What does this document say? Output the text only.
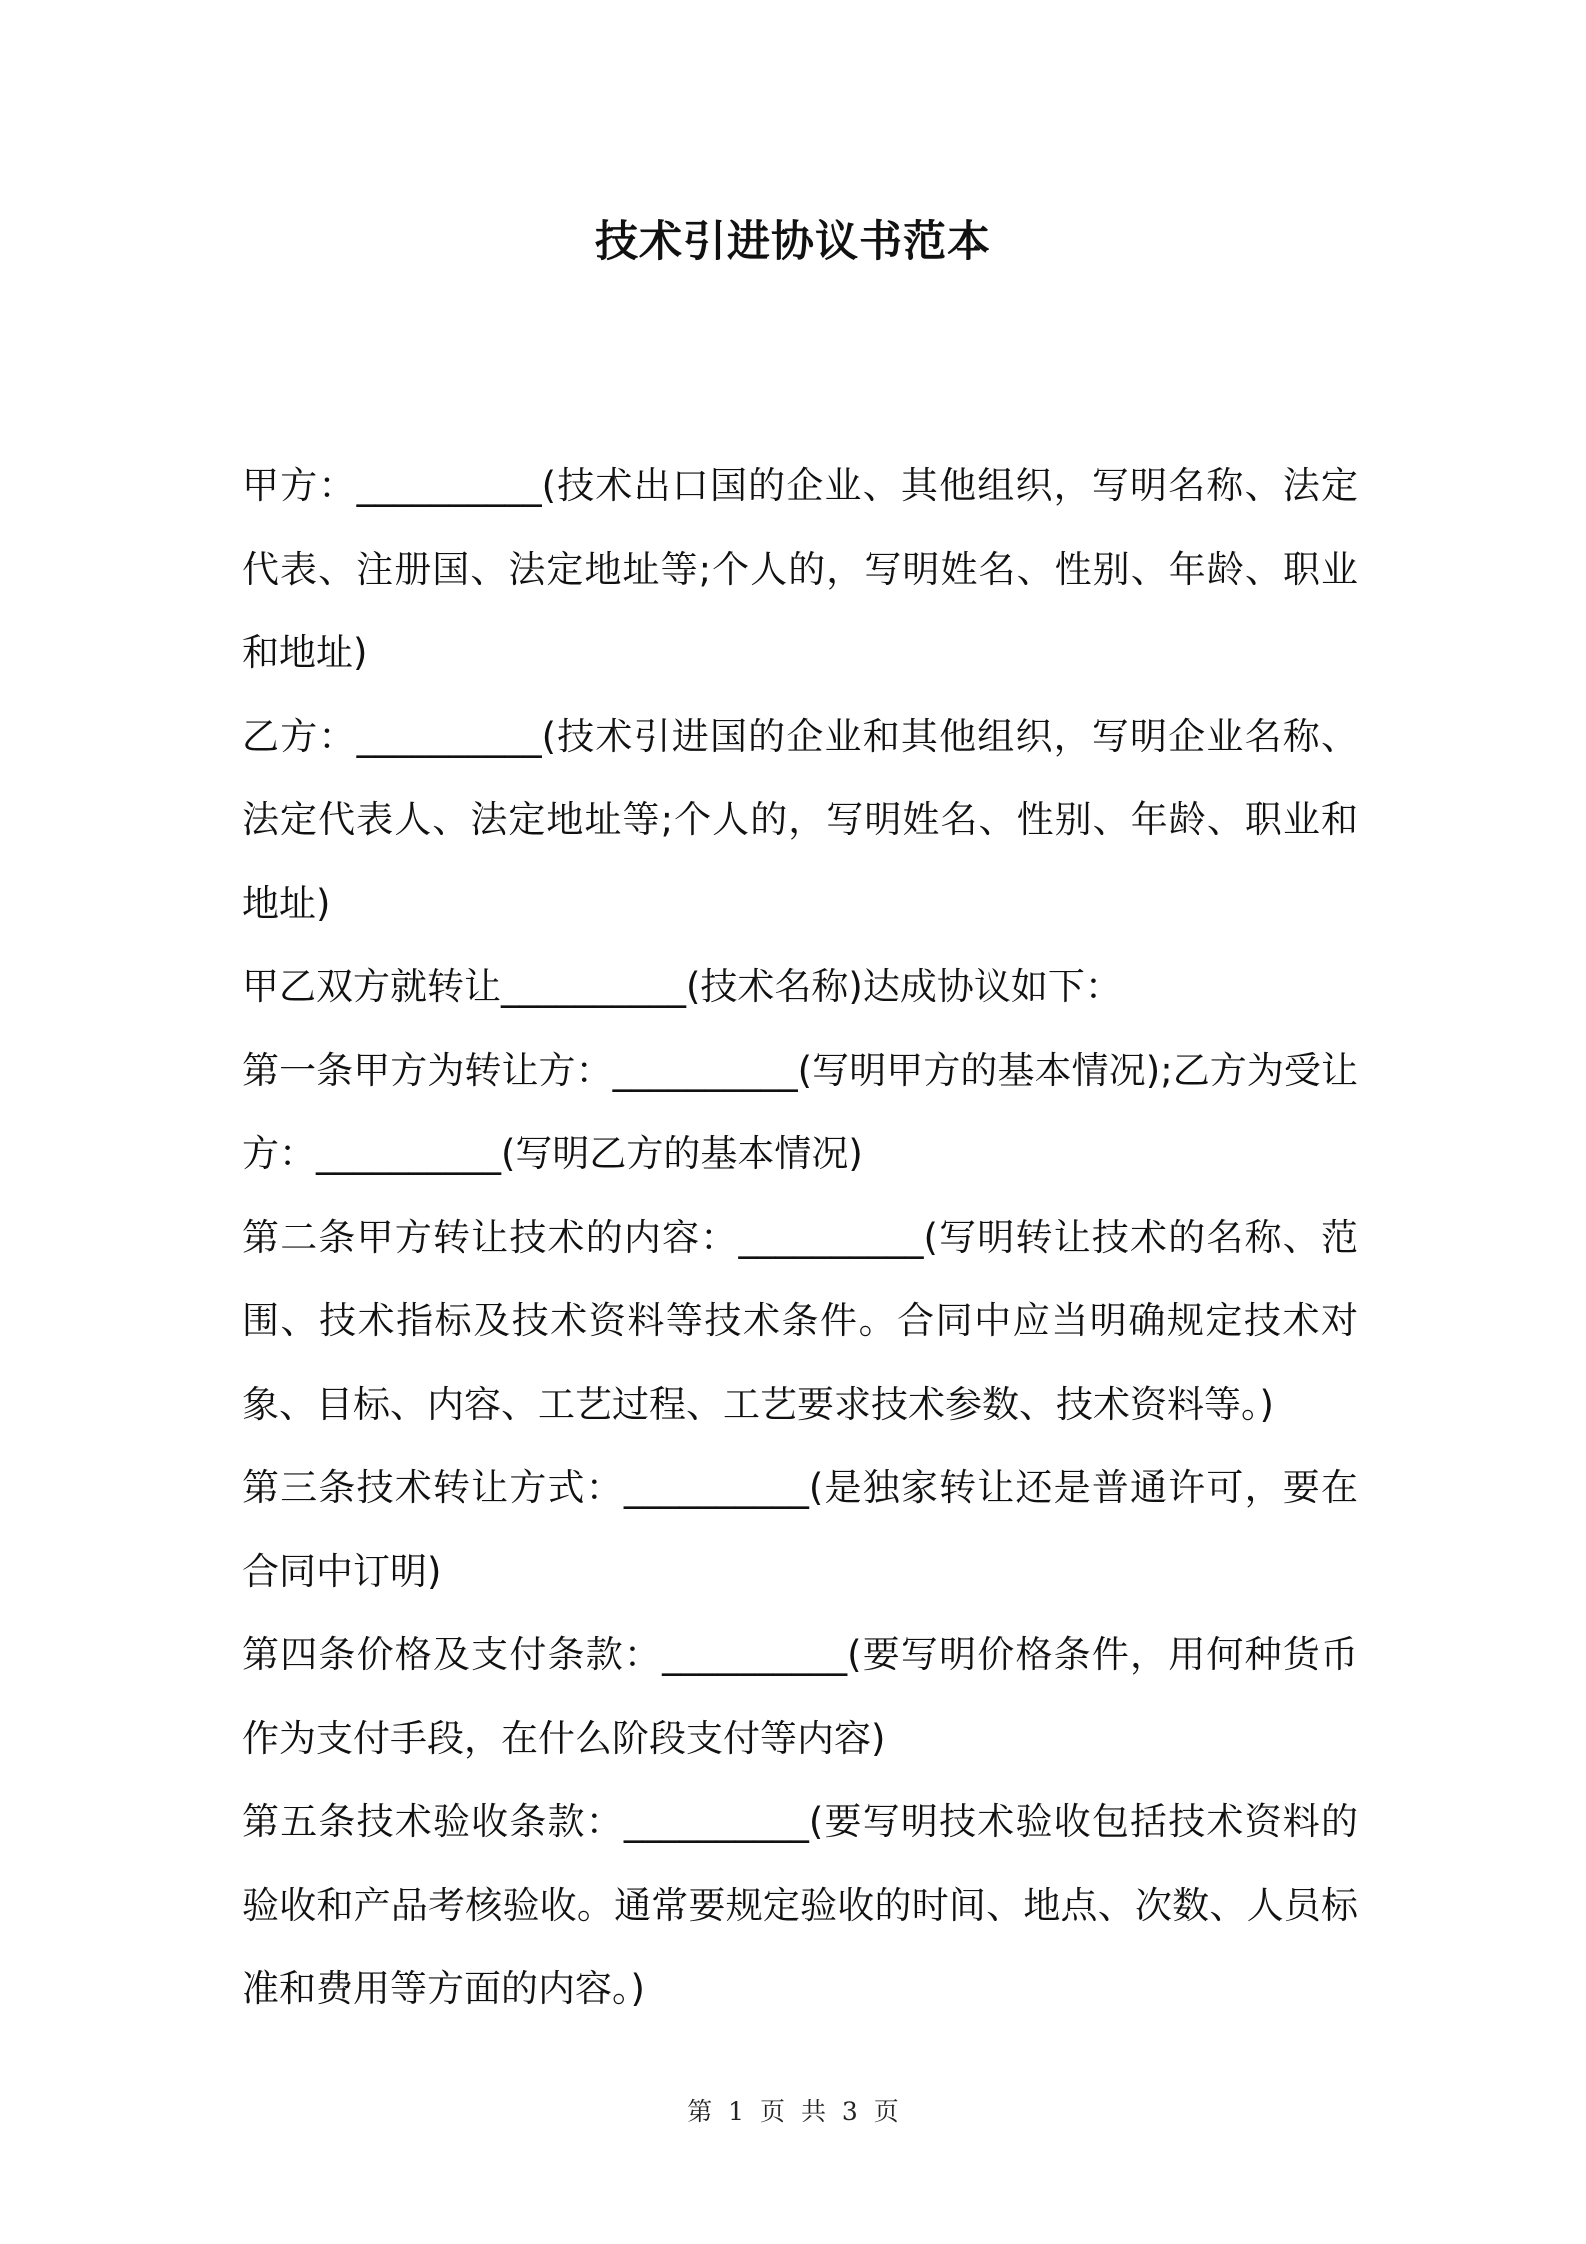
技术引进协议书范本

甲方：__________(技术出口国的企业、其他组织，写明名称、法定代表、注册国、法定地址等;个人的，写明姓名、性别、年龄、职业和地址)

乙方：__________(技术引进国的企业和其他组织，写明企业名称、法定代表人、法定地址等;个人的，写明姓名、性别、年龄、职业和地址)

甲乙双方就转让__________(技术名称)达成协议如下：

第一条甲方为转让方：__________(写明甲方的基本情况);乙方为受让方：__________(写明乙方的基本情况)

第二条甲方转让技术的内容：__________(写明转让技术的名称、范围、技术指标及技术资料等技术条件。合同中应当明确规定技术对象、目标、内容、工艺过程、工艺要求技术参数、技术资料等。)

第三条技术转让方式：__________(是独家转让还是普通许可，要在合同中订明)

第四条价格及支付条款：__________(要写明价格条件，用何种货币作为支付手段，在什么阶段支付等内容)

第五条技术验收条款：__________(要写明技术验收包括技术资料的验收和产品考核验收。通常要规定验收的时间、地点、次数、人员标准和费用等方面的内容。)

第 1 页 共 3 页
